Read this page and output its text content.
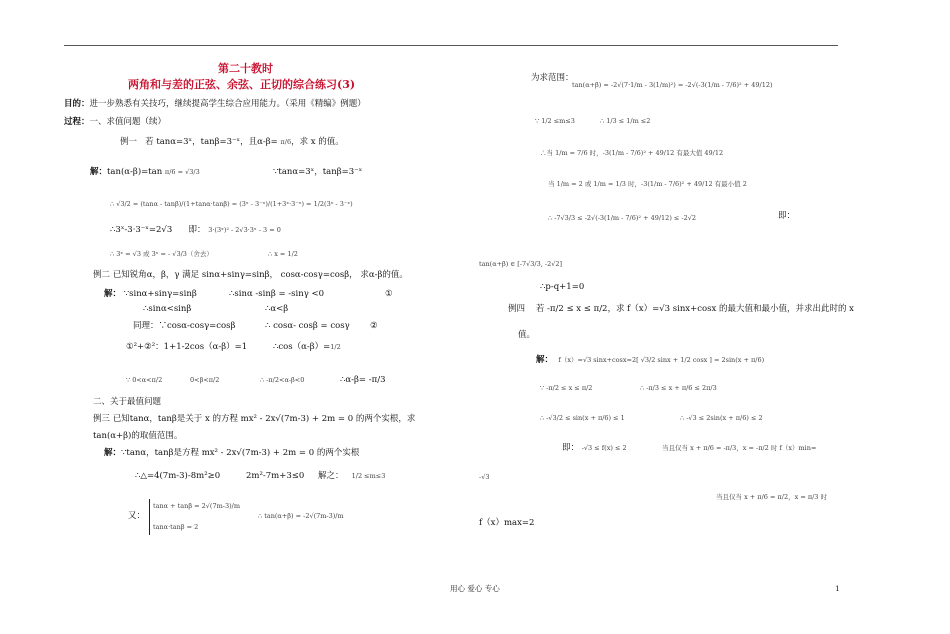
第二十教时
两角和与差的正弦、余弦、正切的综合练习(3)
目的：进一步熟悉有关技巧，继续提高学生综合应用能力。（采用《精编》例题）
过程：一、求值问题（续）
例一 若 tanα=3ˣ，tanβ=3⁻ˣ，且α-β= π/6，求 x 的值。
解：tan(α-β)=tan π/6 = √3/3	∵tanα=3ˣ，tanβ=3⁻ˣ
∴ √3/2 = (tanα - tanβ)/(1+tanα·tanβ) = (3ˣ - 3⁻ˣ)/(1+3ˣ·3⁻ˣ) = 1/2(3ˣ - 3⁻ˣ)
∴3ˣ-3·3⁻ˣ=2√3 即： 3·(3ˣ)² - 2√3·3ˣ - 3 = 0
∴ 3ˣ = √3 或 3ˣ = - √3/3（舍去）	∴ x = 1/2
例二 已知锐角α，β，γ 满足 sinα+sinγ=sinβ， cosα-cosγ=cosβ， 求α-β的值。
解： ∵sinα+sinγ=sinβ	∴sinα -sinβ = -sinγ <0	①
∴sinα<sinβ	∴α<β
同理：∵cosα-cosγ=cosβ	∴ cosα- cosβ = cosγ ②
①²+②²：1+1-2cos（α-β）=1	∴cos（α-β）=1/2
∵ 0<α<π/2	0<β<π/2	∴ -π/2<α-β<0	∴α-β= -π/3
二、关于最值问题
例三 已知tanα，tanβ是关于 x 的方程 mx² - 2x√(7m-3) + 2m = 0 的两个实根，求
tan(α+β)的取值范围。
解：∵tanα，tanβ是方程 mx² - 2x√(7m-3) + 2m = 0 的两个实根
∴△=4(7m-3)-8m²≥0	2m²-7m+3≤0 解之： 1/2 ≤m≤3
又：
tanα + tanβ = 2√(7m-3)/m
tanα·tanβ = 2
∴ tan(α+β) = -2√(7m-3)/m
为求范围：
tan(α+β) = -2√(7·1/m - 3(1/m)²) = -2√(-3(1/m - 7/6)² + 49/12)
∵ 1/2 ≤m≤3	∴ 1/3 ≤ 1/m ≤2
∴当 1/m = 7/6 时，-3(1/m - 7/6)² + 49/12 有最大值 49/12
当 1/m = 2 或 1/m = 1/3 时，-3(1/m - 7/6)² + 49/12 有最小值 2
∴ -7√3/3 ≤ -2√(-3(1/m - 7/6)² + 49/12) ≤ -2√2	即：
tan(α+β) ∈ [-7√3/3, -2√2]
∴p-q+1=0
例四 若 -π/2 ≤ x ≤ π/2，求 f（x）=√3 sinx+cosx 的最大值和最小值，并求出此时的 x
值。
解： f（x）=√3 sinx+cosx=2[ √3/2 sinx + 1/2 cosx ] = 2sin(x + π/6)
∵ -π/2 ≤ x ≤ π/2	∴ -π/3 ≤ x + π/6 ≤ 2π/3
∴ -√3/2 ≤ sin(x + π/6) ≤ 1	∴ -√3 ≤ 2sin(x + π/6) ≤ 2
即： -√3 ≤ f(x) ≤ 2	当且仅当 x + π/6 = -π/3，x = -π/2 时 f（x）min=
-√3
当且仅当 x + π/6 = π/2，x = π/3 时
f（x）max=2
用心 爱心 专心	1
